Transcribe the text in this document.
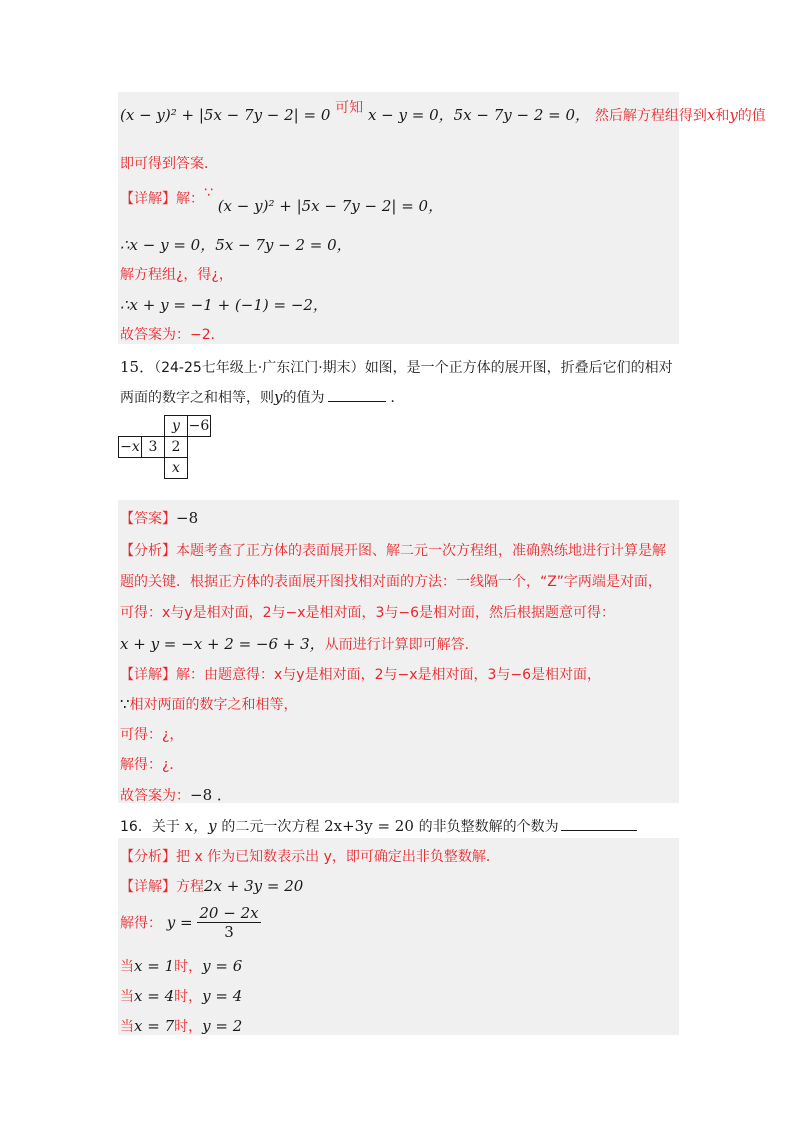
(x − y)² + |5x − 7y − 2| = 0 可知 x − y = 0，5x − 7y − 2 = 0， 然后解方程组得到x和y的值
即可得到答案．
【详解】解：∵ (x − y)² + |5x − 7y − 2| = 0，
∴x − y = 0，5x − 7y − 2 = 0，
解方程组¿，得¿，
∴x + y = −1 + (−1) = −2，
故答案为：−2．
15．（24-25七年级上·广东江门·期末）如图，是一个正方体的展开图，折叠后它们的相对
两面的数字之和相等，则y的值为	．
		y	−6
−x	3	2	
		x	
【答案】−8
【分析】本题考查了正方体的表面展开图、解二元一次方程组，准确熟练地进行计算是解
题的关键．根据正方体的表面展开图找相对面的方法：一线隔一个，“Z”字两端是对面，
可得：x与y是相对面，2与−x是相对面，3与−6是相对面，然后根据题意可得：
x + y = −x + 2 = −6 + 3，从而进行计算即可解答．
【详解】解：由题意得：x与y是相对面，2与−x是相对面，3与−6是相对面，
∵相对两面的数字之和相等，
可得：¿，
解得：¿．
故答案为：−8 ．
16．关于 x，y 的二元一次方程 2x+3y = 20 的非负整数解的个数为
【分析】把 x 作为已知数表示出 y，即可确定出非负整数解．
【详解】方程2x + 3y = 20
解得： $y = \frac{20 - 2x}{3}$
当x = 1时，y = 6
当x = 4时，y = 4
当x = 7时，y = 2
